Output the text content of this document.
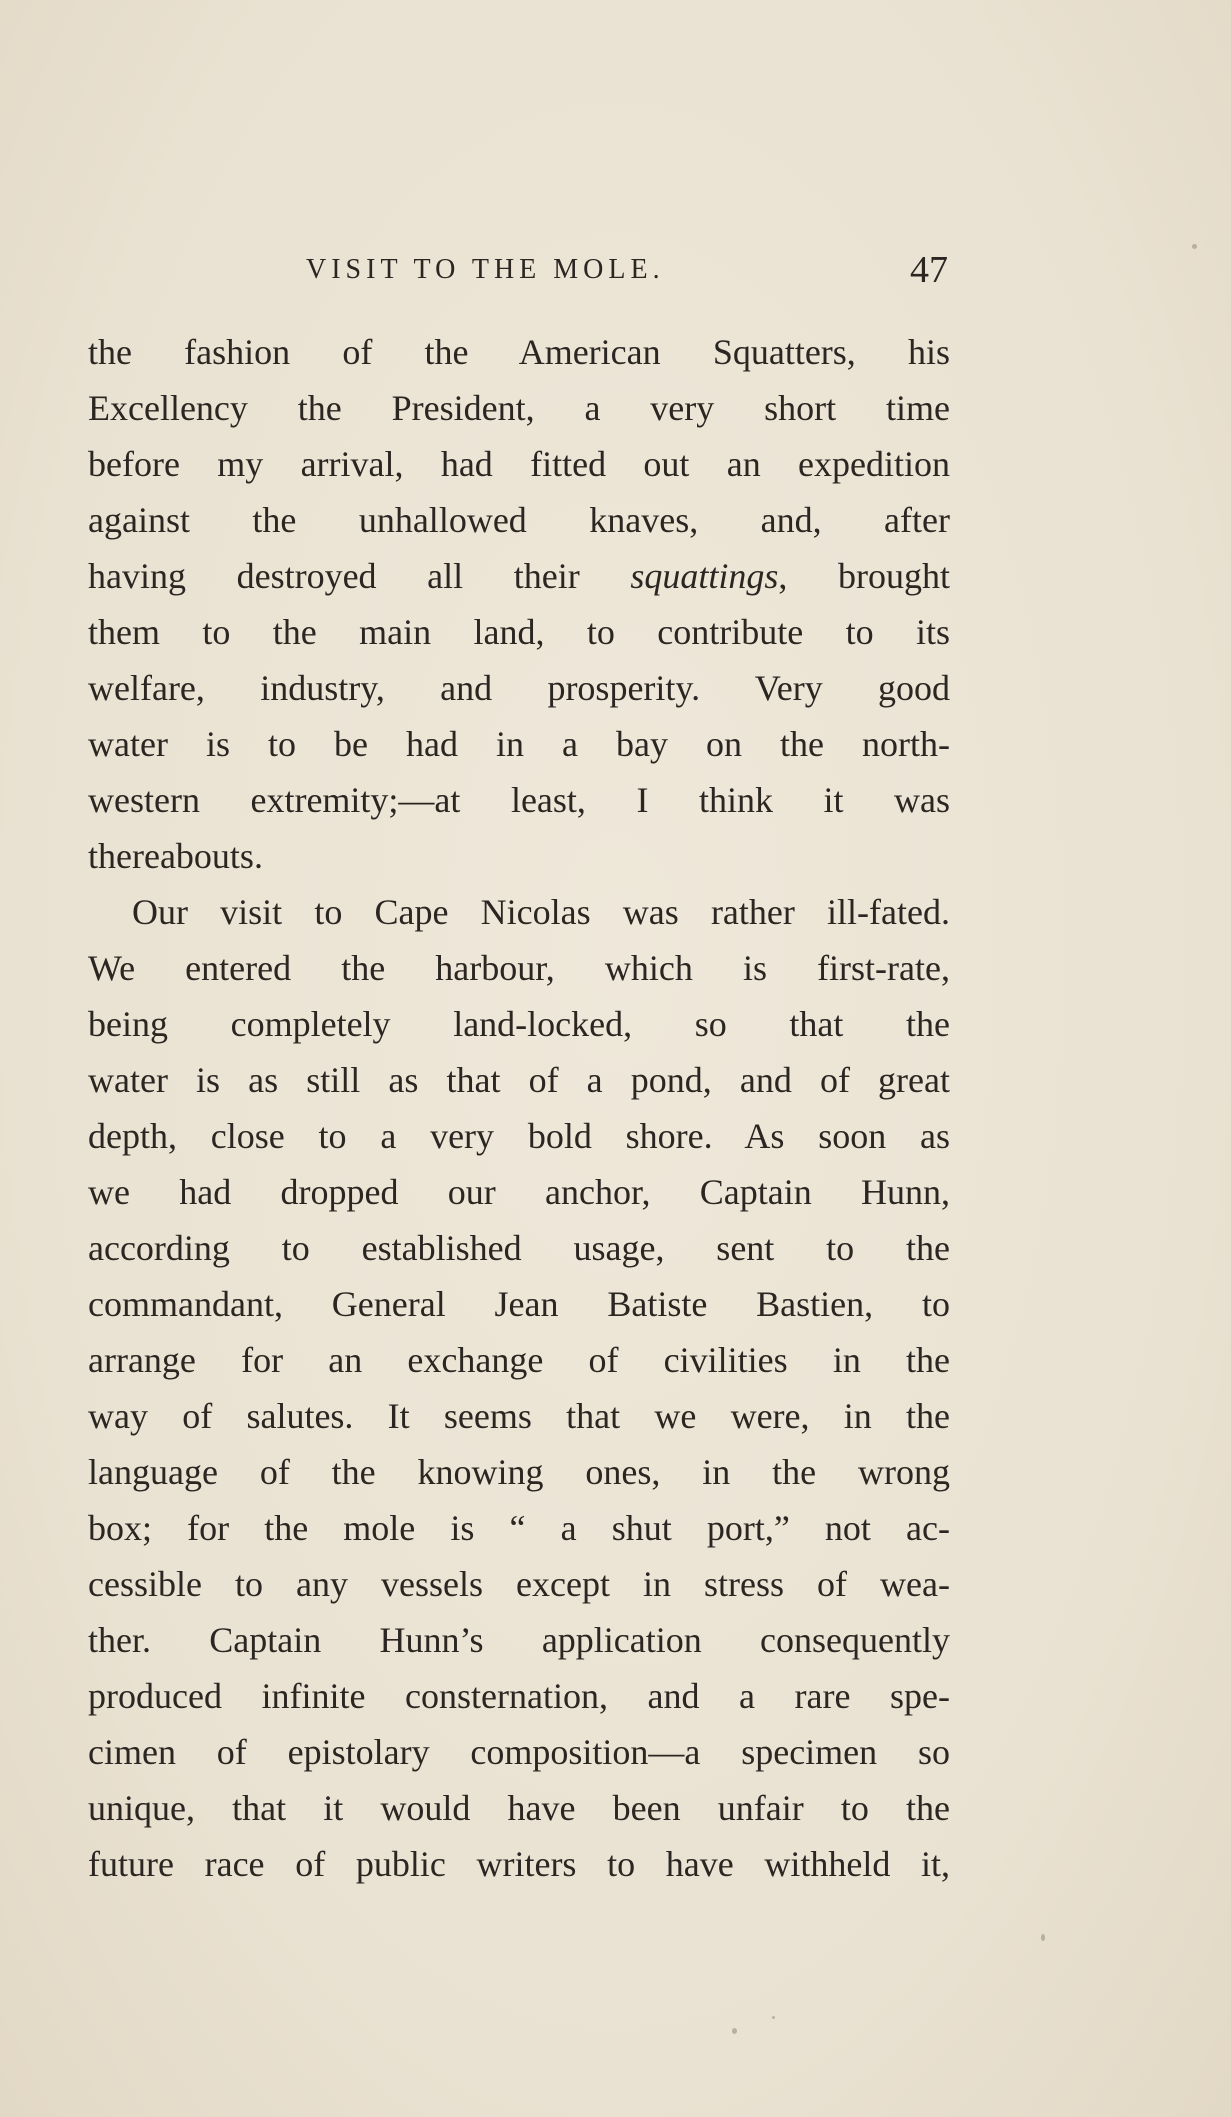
VISIT TO THE MOLE.	47
the fashion of the American Squatters, his
Excellency the President, a very short time
before my arrival, had fitted out an expedition
against the unhallowed knaves, and, after
having destroyed all their squattings, brought
them to the main land, to contribute to its
welfare, industry, and prosperity. Very good
water is to be had in a bay on the north-
western extremity;—at least, I think it was
thereabouts.
Our visit to Cape Nicolas was rather ill-fated.
We entered the harbour, which is first-rate,
being completely land-locked, so that the
water is as still as that of a pond, and of great
depth, close to a very bold shore. As soon as
we had dropped our anchor, Captain Hunn,
according to established usage, sent to the
commandant, General Jean Batiste Bastien, to
arrange for an exchange of civilities in the
way of salutes. It seems that we were, in the
language of the knowing ones, in the wrong
box; for the mole is “ a shut port,” not ac-
cessible to any vessels except in stress of wea-
ther. Captain Hunn’s application consequently
produced infinite consternation, and a rare spe-
cimen of epistolary composition—a specimen so
unique, that it would have been unfair to the
future race of public writers to have withheld it,
